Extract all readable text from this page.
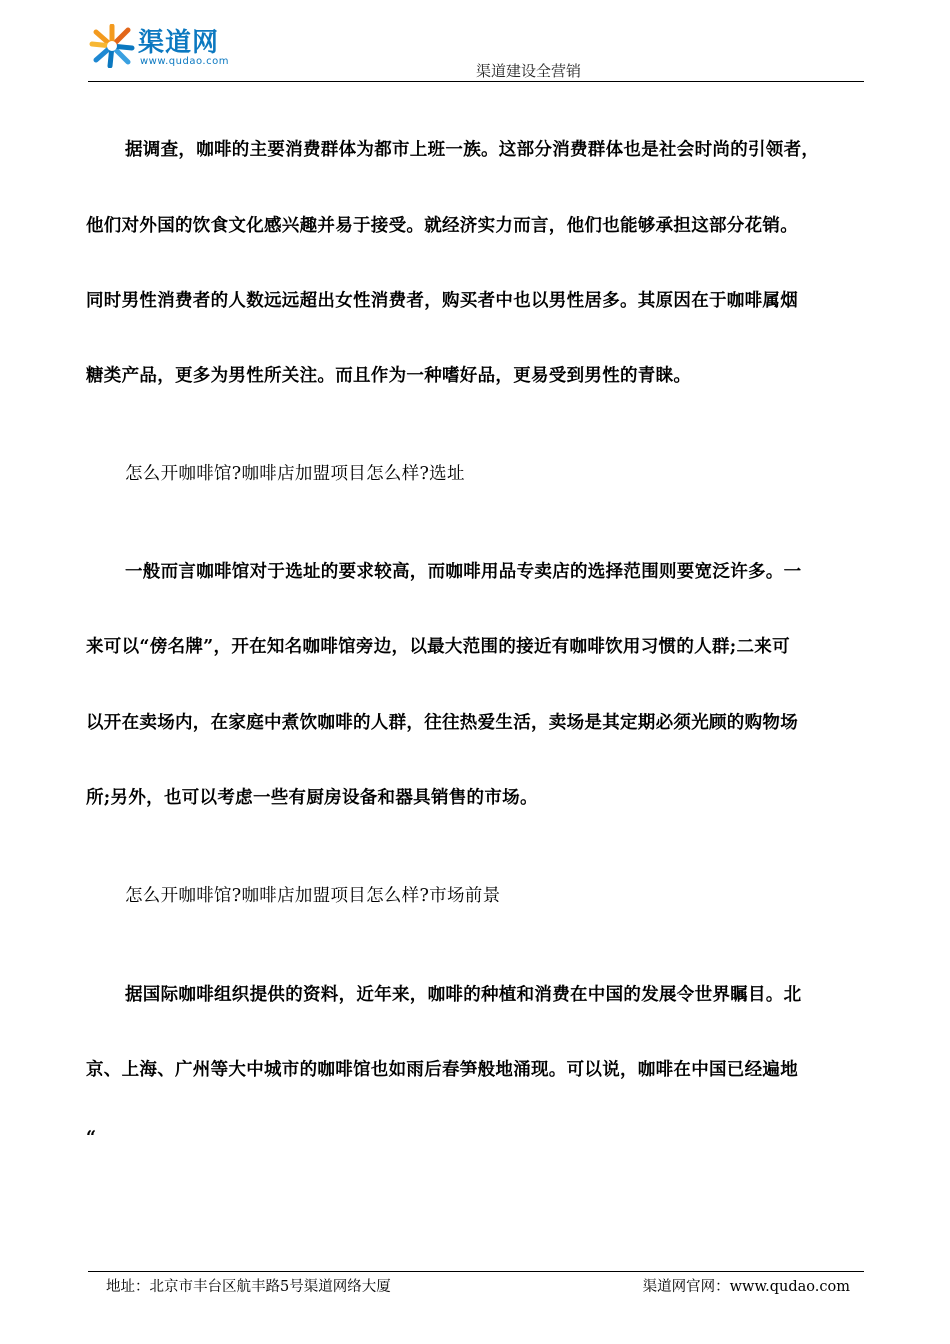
渠道网
www.qudao.com
渠道建设全营销
据调查，咖啡的主要消费群体为都市上班一族。这部分消费群体也是社会时尚的引领者，
他们对外国的饮食文化感兴趣并易于接受。就经济实力而言，他们也能够承担这部分花销。
同时男性消费者的人数远远超出女性消费者，购买者中也以男性居多。其原因在于咖啡属烟
糖类产品，更多为男性所关注。而且作为一种嗜好品，更易受到男性的青睐。
怎么开咖啡馆?咖啡店加盟项目怎么样?选址
一般而言咖啡馆对于选址的要求较高，而咖啡用品专卖店的选择范围则要宽泛许多。一
来可以“傍名牌”，开在知名咖啡馆旁边，以最大范围的接近有咖啡饮用习惯的人群;二来可
以开在卖场内，在家庭中煮饮咖啡的人群，往往热爱生活，卖场是其定期必须光顾的购物场
所;另外，也可以考虑一些有厨房设备和器具销售的市场。
怎么开咖啡馆?咖啡店加盟项目怎么样?市场前景
据国际咖啡组织提供的资料，近年来，咖啡的种植和消费在中国的发展令世界瞩目。北
京、上海、广州等大中城市的咖啡馆也如雨后春笋般地涌现。可以说，咖啡在中国已经遍地
“
地址：北京市丰台区航丰路5号渠道网络大厦	渠道网官网：www.qudao.com
